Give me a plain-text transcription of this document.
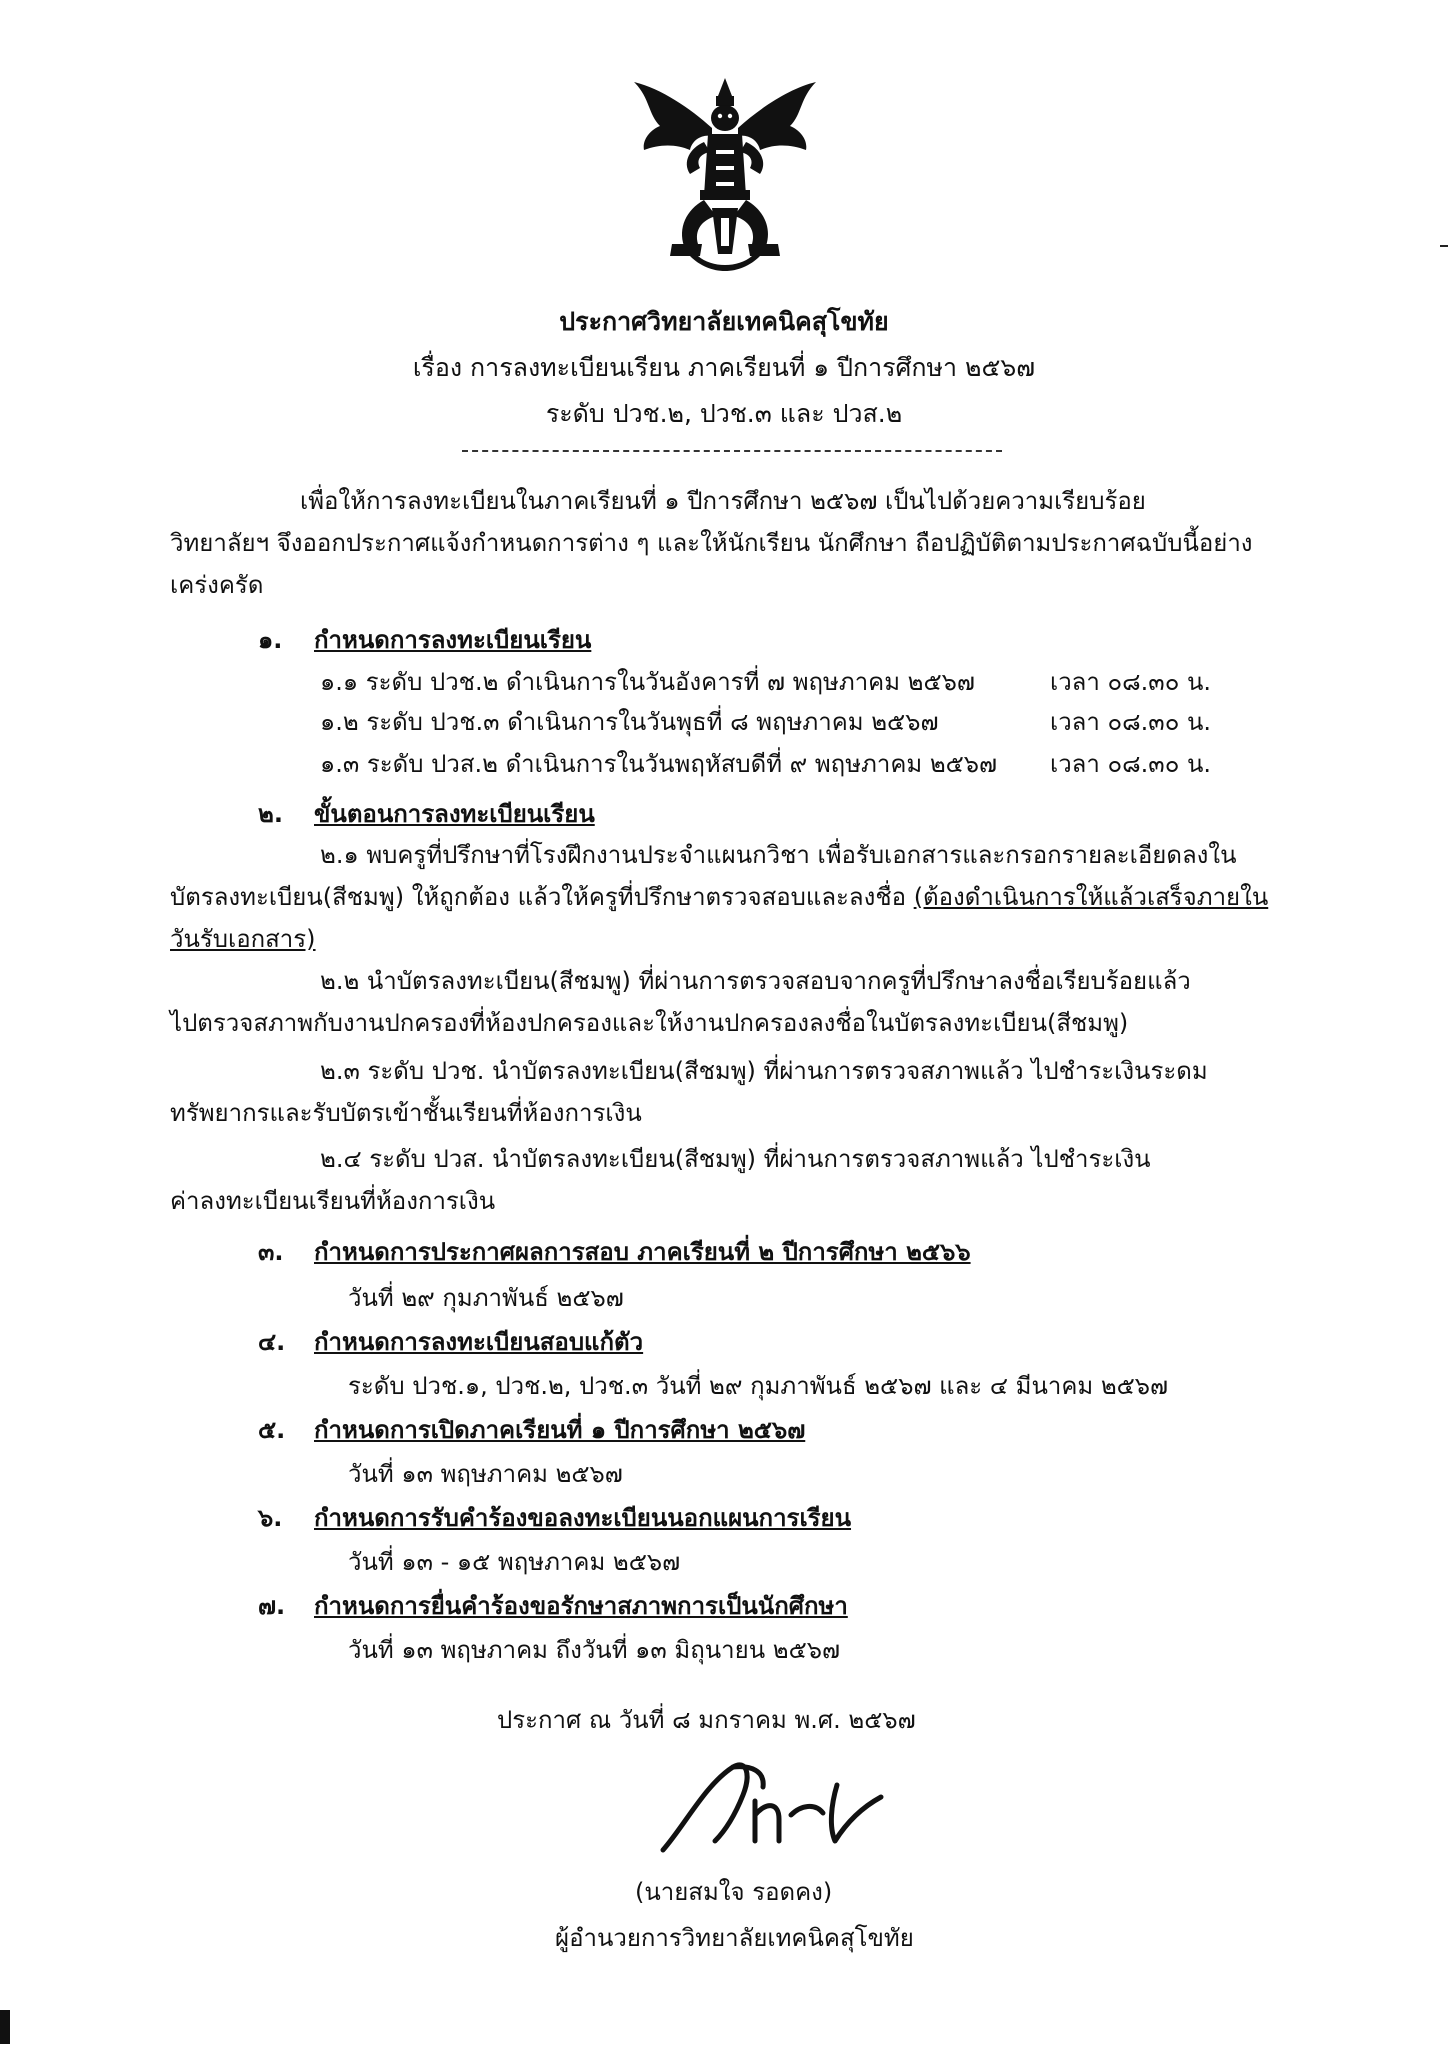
ประกาศวิทยาลัยเทคนิคสุโขทัย
เรื่อง การลงทะเบียนเรียน ภาคเรียนที่ ๑ ปีการศึกษา ๒๕๖๗
ระดับ ปวช.๒, ปวช.๓ และ ปวส.๒
เพื่อให้การลงทะเบียนในภาคเรียนที่ ๑ ปีการศึกษา ๒๕๖๗ เป็นไปด้วยความเรียบร้อย
วิทยาลัยฯ จึงออกประกาศแจ้งกำหนดการต่าง ๆ และให้นักเรียน นักศึกษา ถือปฏิบัติตามประกาศฉบับนี้อย่าง
เคร่งครัด
๑. กำหนดการลงทะเบียนเรียน
๑.๑ ระดับ ปวช.๒ ดำเนินการในวันอังคารที่ ๗ พฤษภาคม ๒๕๖๗	เวลา ๐๘.๓๐ น.
๑.๒ ระดับ ปวช.๓ ดำเนินการในวันพุธที่ ๘ พฤษภาคม ๒๕๖๗	เวลา ๐๘.๓๐ น.
๑.๓ ระดับ ปวส.๒ ดำเนินการในวันพฤหัสบดีที่ ๙ พฤษภาคม ๒๕๖๗ เวลา ๐๘.๓๐ น.
๒. ขั้นตอนการลงทะเบียนเรียน
๒.๑ พบครูที่ปรึกษาที่โรงฝึกงานประจำแผนกวิชา เพื่อรับเอกสารและกรอกรายละเอียดลงใน
บัตรลงทะเบียน(สีชมพู) ให้ถูกต้อง แล้วให้ครูที่ปรึกษาตรวจสอบและลงชื่อ (ต้องดำเนินการให้แล้วเสร็จภายใน
วันรับเอกสาร)
๒.๒ นำบัตรลงทะเบียน(สีชมพู) ที่ผ่านการตรวจสอบจากครูที่ปรึกษาลงชื่อเรียบร้อยแล้ว
ไปตรวจสภาพกับงานปกครองที่ห้องปกครองและให้งานปกครองลงชื่อในบัตรลงทะเบียน(สีชมพู)
๒.๓ ระดับ ปวช. นำบัตรลงทะเบียน(สีชมพู) ที่ผ่านการตรวจสภาพแล้ว ไปชำระเงินระดม
ทรัพยากรและรับบัตรเข้าชั้นเรียนที่ห้องการเงิน
๒.๔ ระดับ ปวส. นำบัตรลงทะเบียน(สีชมพู) ที่ผ่านการตรวจสภาพแล้ว ไปชำระเงิน
ค่าลงทะเบียนเรียนที่ห้องการเงิน
๓. กำหนดการประกาศผลการสอบ ภาคเรียนที่ ๒ ปีการศึกษา ๒๕๖๖
วันที่ ๒๙ กุมภาพันธ์ ๒๕๖๗
๔. กำหนดการลงทะเบียนสอบแก้ตัว
ระดับ ปวช.๑, ปวช.๒, ปวช.๓ วันที่ ๒๙ กุมภาพันธ์ ๒๕๖๗ และ ๔ มีนาคม ๒๕๖๗
๕. กำหนดการเปิดภาคเรียนที่ ๑ ปีการศึกษา ๒๕๖๗
วันที่ ๑๓ พฤษภาคม ๒๕๖๗
๖. กำหนดการรับคำร้องขอลงทะเบียนนอกแผนการเรียน
วันที่ ๑๓ - ๑๕ พฤษภาคม ๒๕๖๗
๗. กำหนดการยื่นคำร้องขอรักษาสภาพการเป็นนักศึกษา
วันที่ ๑๓ พฤษภาคม ถึงวันที่ ๑๓ มิถุนายน ๒๕๖๗
ประกาศ ณ วันที่ ๘ มกราคม พ.ศ. ๒๕๖๗
(นายสมใจ รอดคง)
ผู้อำนวยการวิทยาลัยเทคนิคสุโขทัย
